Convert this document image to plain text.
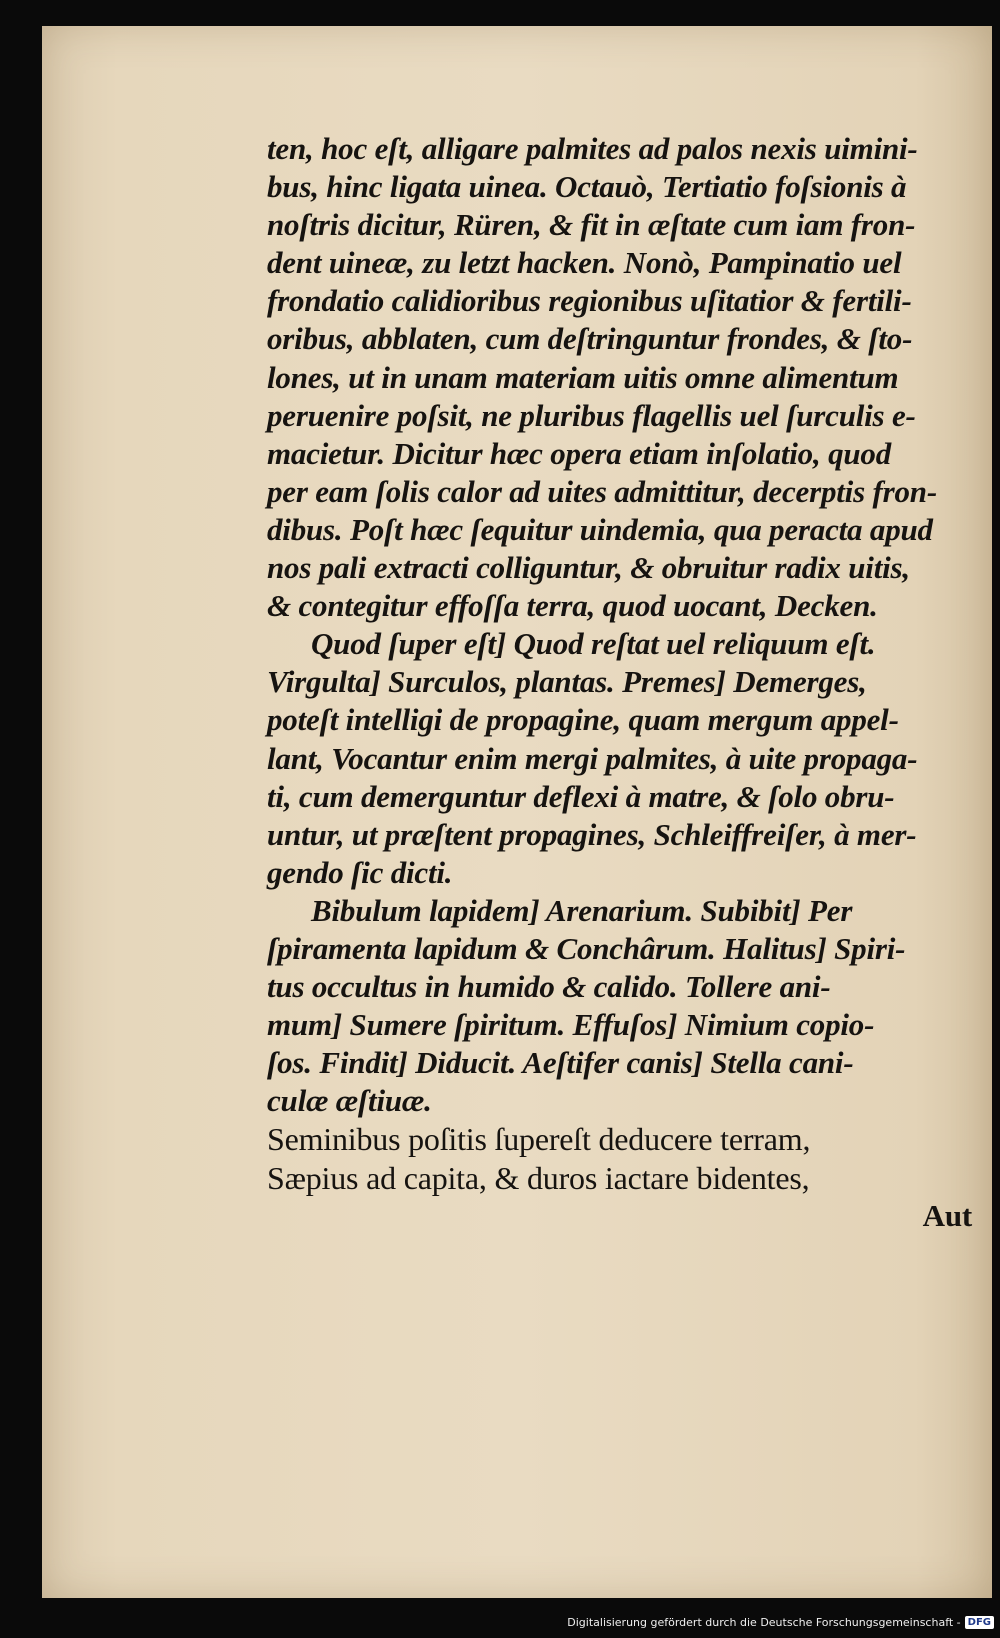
ten, hoc eſt, alligare palmites ad palos nexis uimini-
bus, hinc ligata uinea. Octauò, Tertiatio foſsionis à
noſtris dicitur, Rüren, & fit in æſtate cum iam fron-
dent uineæ, zu letzt hacken. Nonò, Pampinatio uel
frondatio calidioribus regionibus uſitatior & fertili-
oribus, abblaten, cum deſtringuntur frondes, & ſto-
lones, ut in unam materiam uitis omne alimentum
peruenire poſsit, ne pluribus flagellis uel ſurculis e-
macietur. Dicitur hæc opera etiam inſolatio, quod
per eam ſolis calor ad uites admittitur, decerptis fron-
dibus. Poſt hæc ſequitur uindemia, qua peracta apud
nos pali extracti colliguntur, & obruitur radix uitis,
& contegitur effoſſa terra, quod uocant, Decken.
Quod ſuper eſt] Quod reſtat uel reliquum eſt.
Virgulta] Surculos, plantas. Premes] Demerges,
poteſt intelligi de propagine, quam mergum appel-
lant, Vocantur enim mergi palmites, à uite propaga-
ti, cum demerguntur deflexi à matre, & ſolo obru-
untur, ut præſtent propagines, Schleiffreiſer, à mer-
gendo ſic dicti.
Bibulum lapidem] Arenarium. Subibit] Per
ſpiramenta lapidum & Conchârum. Halitus] Spiri-
tus occultus in humido & calido. Tollere ani-
mum] Sumere ſpiritum. Effuſos] Nimium copio-
ſos. Findit] Diducit. Aeſtifer canis] Stella cani-
culæ æſtiuæ.
Seminibus poſitis ſupereſt deducere terram,
Sæpius ad capita, & duros iactare bidentes,
Aut
Digitalisierung gefördert durch die Deutsche Forschungsgemeinschaft - DFG
